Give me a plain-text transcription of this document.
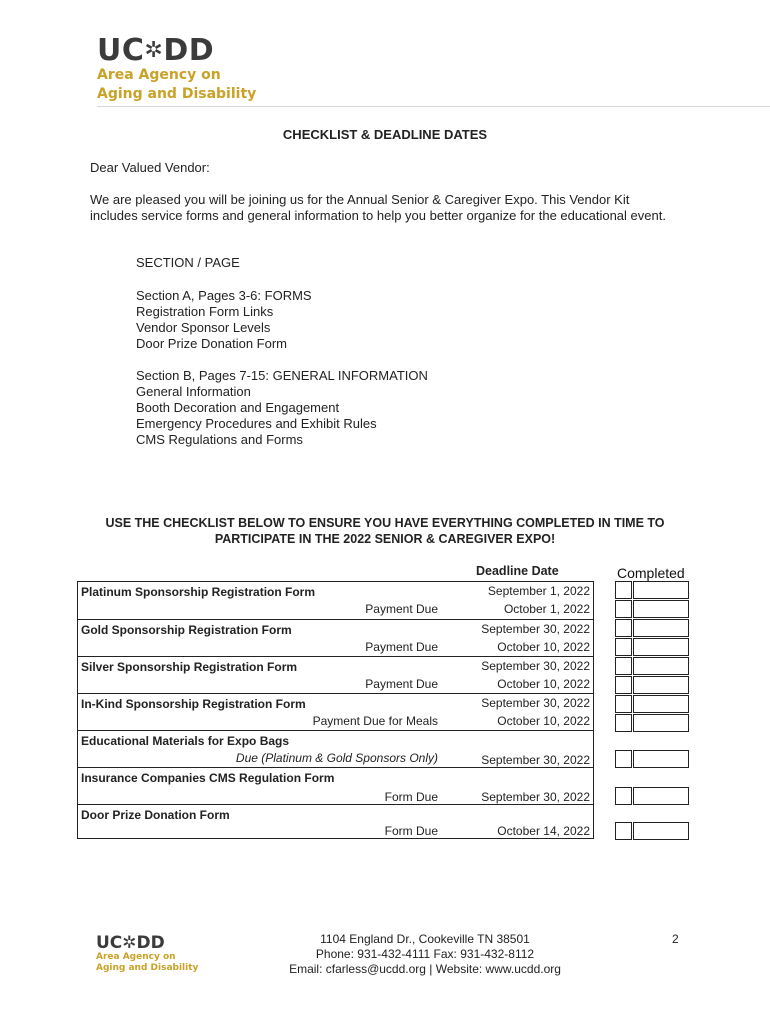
UC✲DD
Area Agency on
Aging and Disability
CHECKLIST & DEADLINE DATES
Dear Valued Vendor:
We are pleased you will be joining us for the Annual Senior & Caregiver Expo. This Vendor Kit includes service forms and general information to help you better organize for the educational event.
SECTION / PAGE
Section A, Pages 3-6: FORMS
Registration Form Links
Vendor Sponsor Levels
Door Prize Donation Form
Section B, Pages 7-15: GENERAL INFORMATION
General Information
Booth Decoration and Engagement
Emergency Procedures and Exhibit Rules
CMS Regulations and Forms
USE THE CHECKLIST BELOW TO ENSURE YOU HAVE EVERYTHING COMPLETED IN TIME TO
PARTICIPATE IN THE 2022 SENIOR & CAREGIVER EXPO!
Deadline Date	Completed
Platinum Sponsorship Registration Form	September 1, 2022
Payment Due	October 1, 2022
Gold Sponsorship Registration Form	September 30, 2022
Payment Due	October 10, 2022
Silver Sponsorship Registration Form	September 30, 2022
Payment Due	October 10, 2022
In-Kind Sponsorship Registration Form	September 30, 2022
Payment Due for Meals	October 10, 2022
Educational Materials for Expo Bags
Due (Platinum & Gold Sponsors Only)	September 30, 2022
Insurance Companies CMS Regulation Form
Form Due	September 30, 2022
Door Prize Donation Form
Form Due	October 14, 2022
UC✲DD
Area Agency on
Aging and Disability
1104 England Dr., Cookeville TN 38501
Phone: 931-432-4111 Fax: 931-432-8112
Email: cfarless@ucdd.org | Website: www.ucdd.org
2
